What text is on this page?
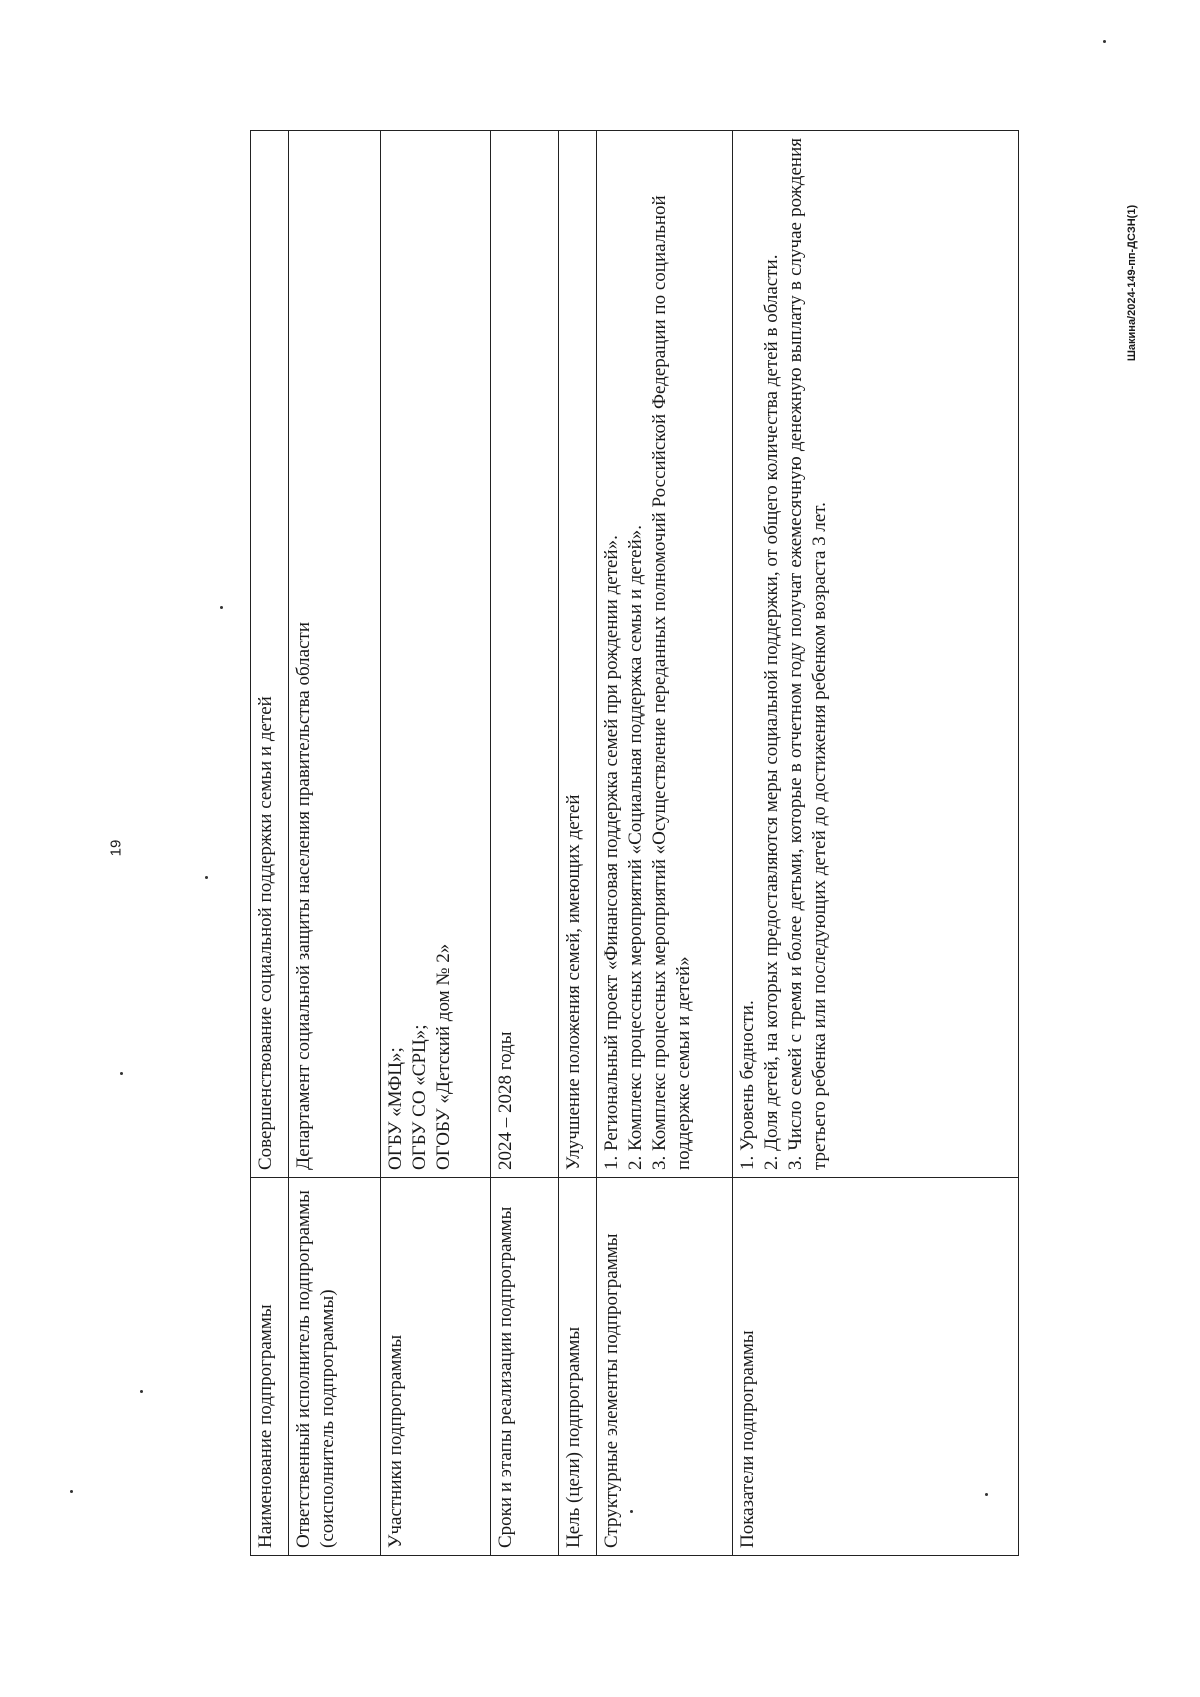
19
Шакина/2024-149-пп-ДСЗН(1)
Наименование подпрограммы	Совершенствование социальной поддержки семьи и детей
Ответственный исполнитель подпрограммы (соисполнитель подпрограммы)	Департамент социальной защиты населения правительства области
Участники подпрограммы	ОГБУ «МФЦ»; ОГБУ СО «СРЦ»; ОГОБУ «Детский дом № 2»

Сроки и этапы реализации подпрограммы	2024 – 2028 годы
Цель (цели) подпрограммы	Улучшение положения семей, имеющих детей
Структурные элементы подпрограммы	1. Региональный проект «Финансовая поддержка семей при рождении детей». 2. Комплекс процессных мероприятий «Социальная поддержка семьи и детей». 3. Комплекс процессных мероприятий «Осуществление переданных полномочий Российской Федерации по социальной поддержке семьи и детей»

Показатели подпрограммы	1. Уровень бедности. 2. Доля детей, на которых предоставляются меры социальной поддержки, от общего количества детей в области. 3. Число семей с тремя и более детьми, которые в отчетном году получат ежемесячную денежную выплату в случае рождения третьего ребенка или последующих детей до достижения ребенком возраста 3 лет.
